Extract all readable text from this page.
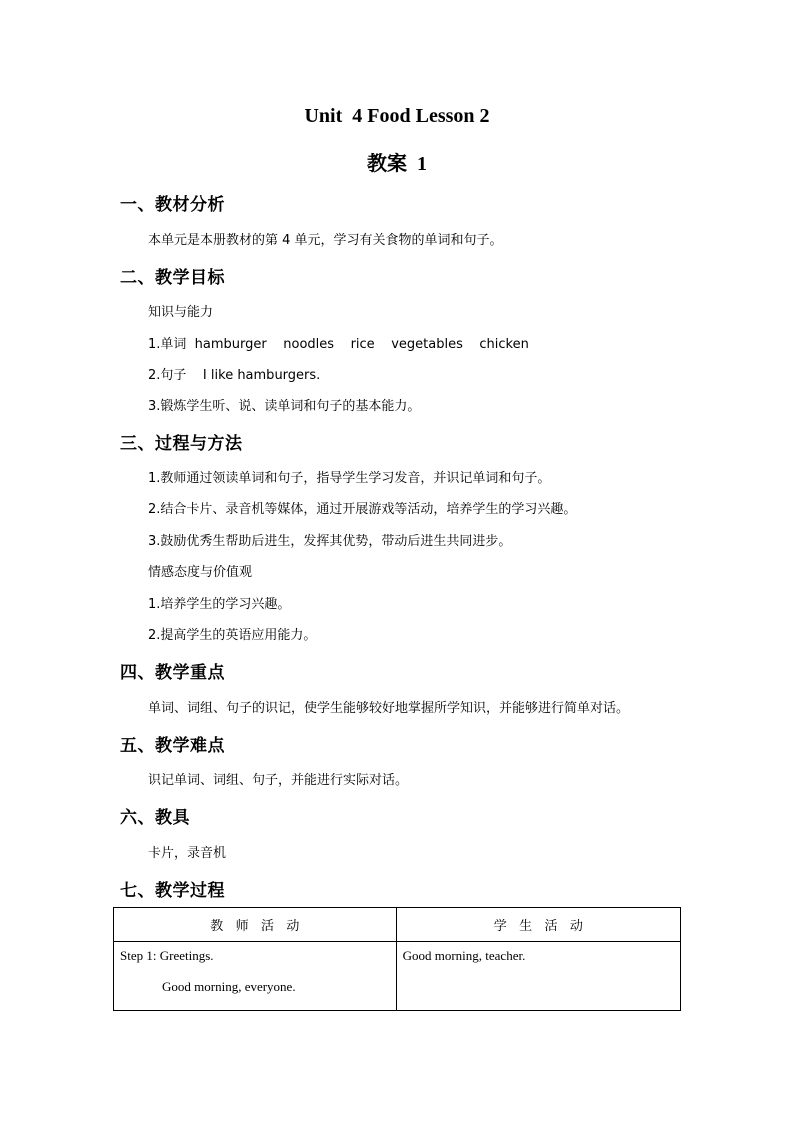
Unit  4 Food Lesson 2
教案  1
一、教材分析
本单元是本册教材的第 4 单元，学习有关食物的单词和句子。
二、教学目标
知识与能力
1.单词  hamburger    noodles    rice    vegetables    chicken
2.句子    I like hamburgers.
3.锻炼学生听、说、读单词和句子的基本能力。
三、过程与方法
1.教师通过领读单词和句子，指导学生学习发音，并识记单词和句子。
2.结合卡片、录音机等媒体，通过开展游戏等活动，培养学生的学习兴趣。
3.鼓励优秀生帮助后进生，发挥其优势，带动后进生共同进步。
情感态度与价值观
1.培养学生的学习兴趣。
2.提高学生的英语应用能力。
四、教学重点
单词、词组、句子的识记，使学生能够较好地掌握所学知识，并能够进行简单对话。
五、教学难点
识记单词、词组、句子，并能进行实际对话。
六、教具
卡片，录音机
七、教学过程
教   师   活   动	学   生   活   动

Step 1: Greetings.
Good morning, everyone.	Good morning, teacher.
